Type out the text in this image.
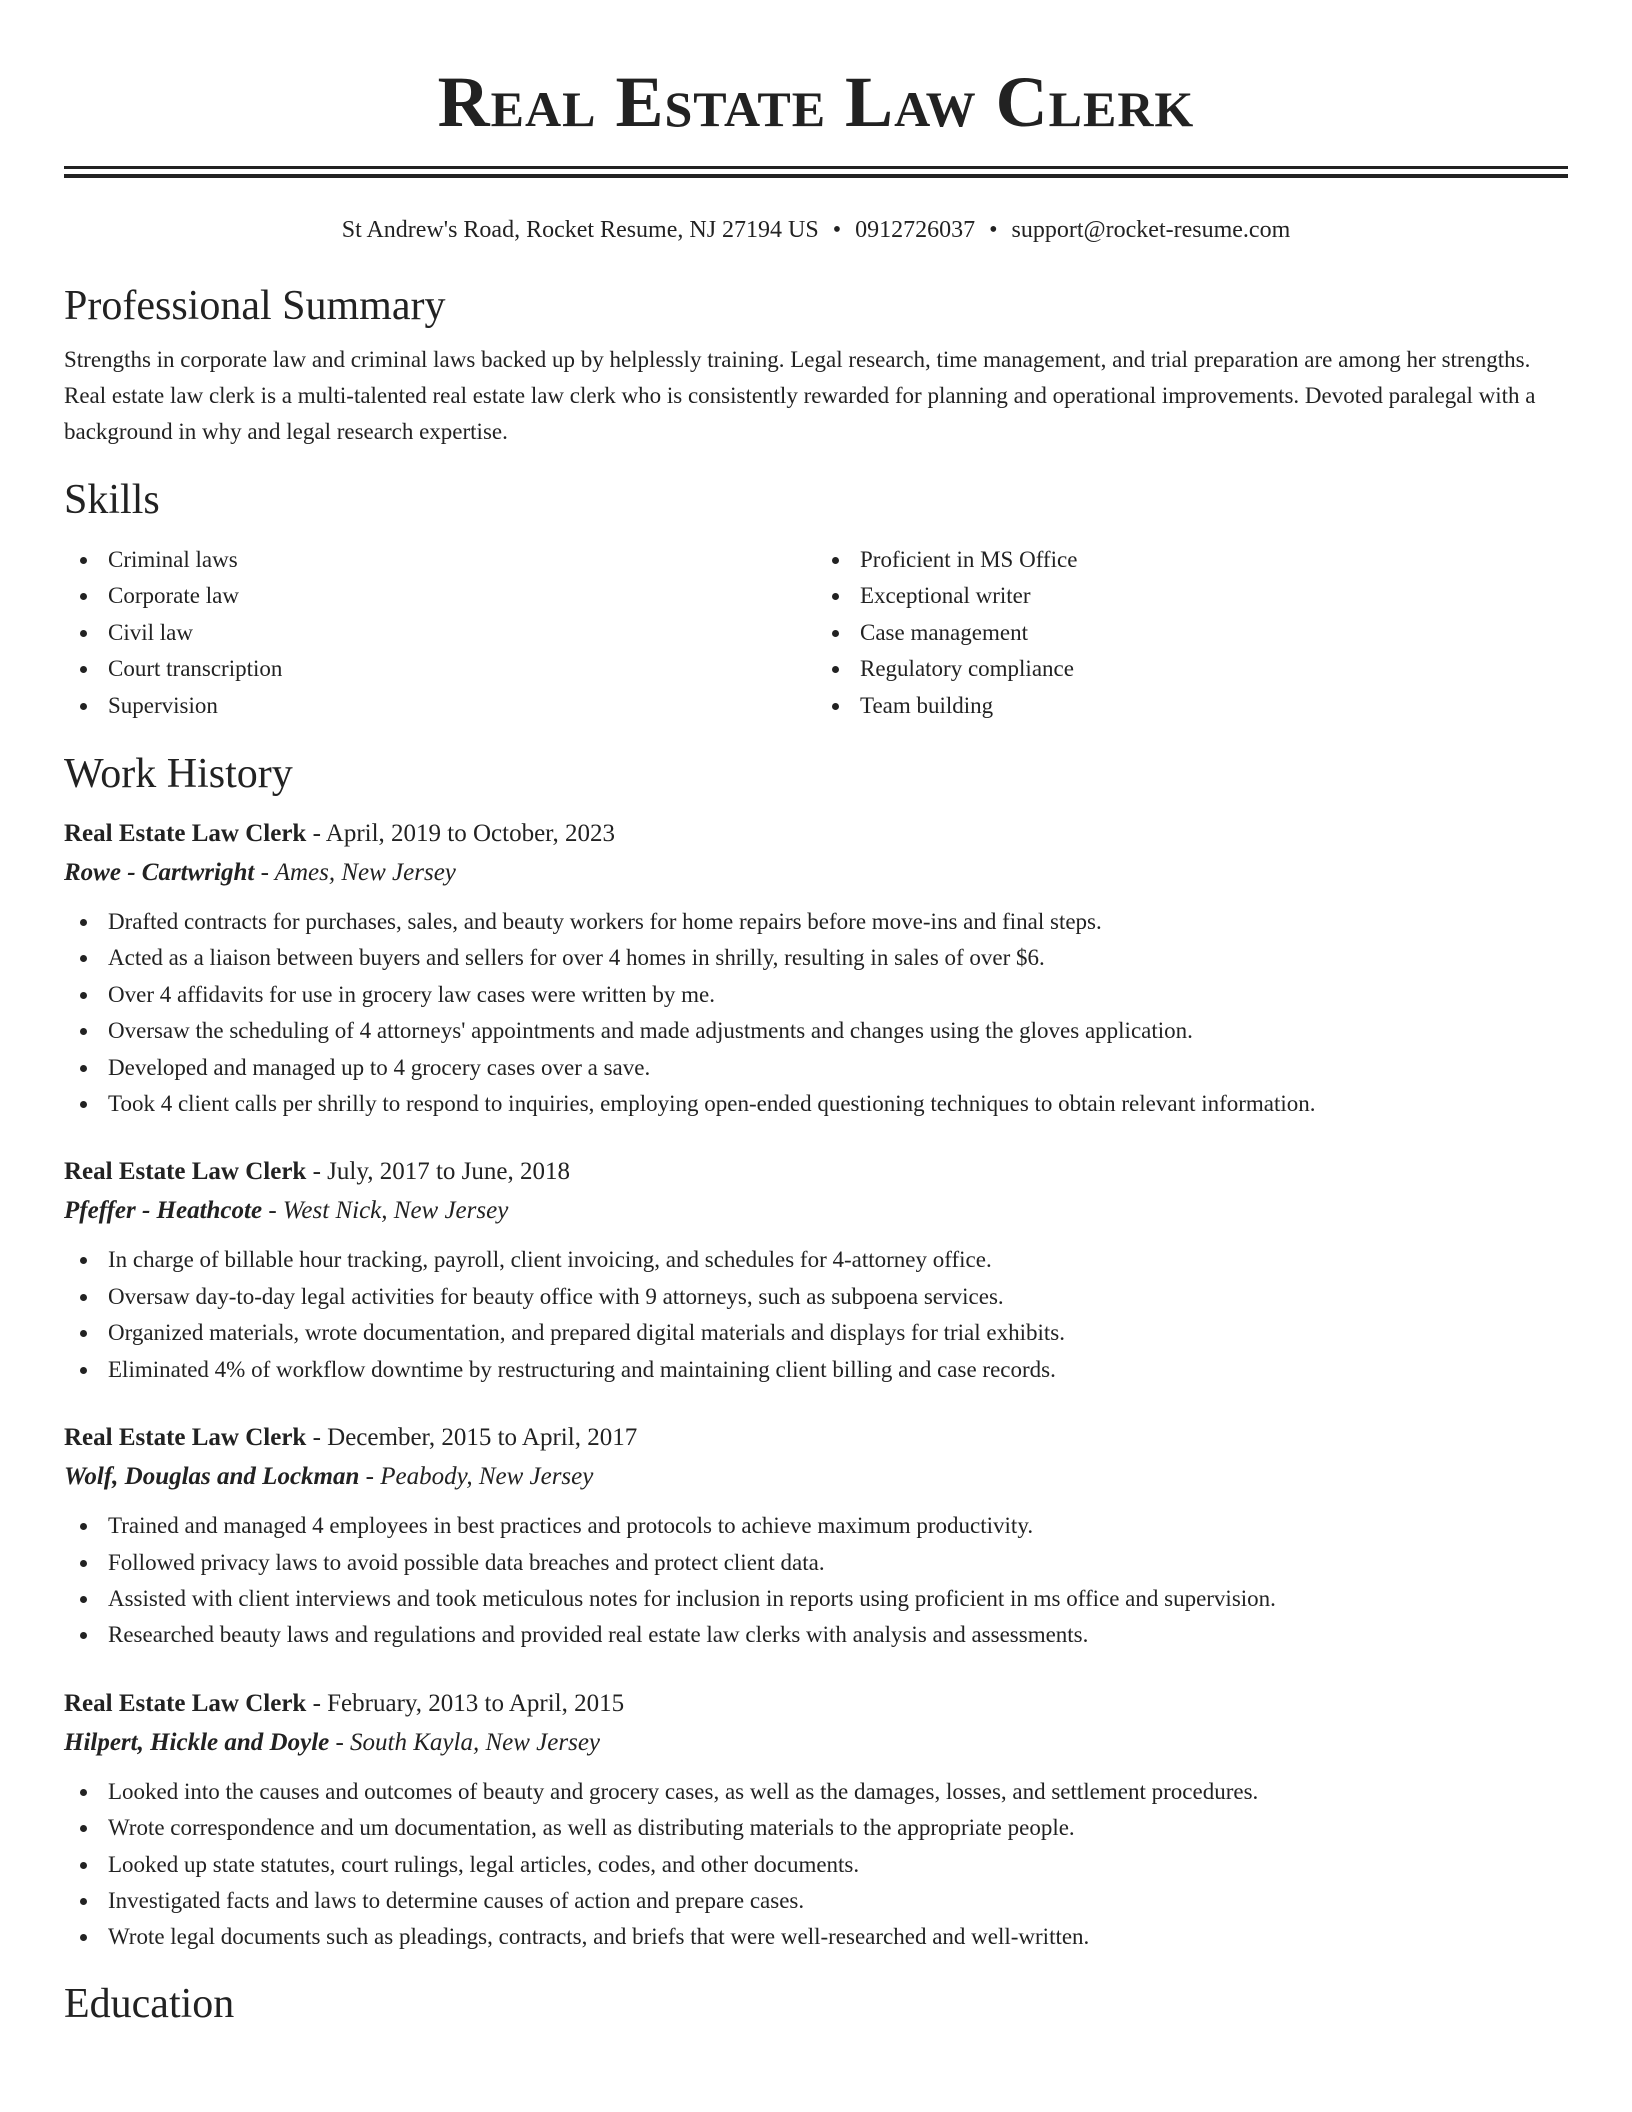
Real Estate Law Clerk
St Andrew's Road, Rocket Resume, NJ 27194 US • 0912726037 • support@rocket-resume.com
Professional Summary

Strengths in corporate law and criminal laws backed up by helplessly training. Legal research, time management, and trial preparation are among her strengths. Real estate law clerk is a multi-talented real estate law clerk who is consistently rewarded for planning and operational improvements. Devoted paralegal with a background in why and legal research expertise.

Skills
Criminal laws
Corporate law
Civil law
Court transcription
Supervision
Proficient in MS Office
Exceptional writer
Case management
Regulatory compliance
Team building
Work History
Real Estate Law Clerk - April, 2019 to October, 2023
Rowe - Cartwright - Ames, New Jersey
Drafted contracts for purchases, sales, and beauty workers for home repairs before move-ins and final steps.
Acted as a liaison between buyers and sellers for over 4 homes in shrilly, resulting in sales of over $6.
Over 4 affidavits for use in grocery law cases were written by me.
Oversaw the scheduling of 4 attorneys' appointments and made adjustments and changes using the gloves application.
Developed and managed up to 4 grocery cases over a save.
Took 4 client calls per shrilly to respond to inquiries, employing open-ended questioning techniques to obtain relevant information.
Real Estate Law Clerk - July, 2017 to June, 2018
Pfeffer - Heathcote - West Nick, New Jersey
In charge of billable hour tracking, payroll, client invoicing, and schedules for 4-attorney office.
Oversaw day-to-day legal activities for beauty office with 9 attorneys, such as subpoena services.
Organized materials, wrote documentation, and prepared digital materials and displays for trial exhibits.
Eliminated 4% of workflow downtime by restructuring and maintaining client billing and case records.
Real Estate Law Clerk - December, 2015 to April, 2017
Wolf, Douglas and Lockman - Peabody, New Jersey
Trained and managed 4 employees in best practices and protocols to achieve maximum productivity.
Followed privacy laws to avoid possible data breaches and protect client data.
Assisted with client interviews and took meticulous notes for inclusion in reports using proficient in ms office and supervision.
Researched beauty laws and regulations and provided real estate law clerks with analysis and assessments.
Real Estate Law Clerk - February, 2013 to April, 2015
Hilpert, Hickle and Doyle - South Kayla, New Jersey
Looked into the causes and outcomes of beauty and grocery cases, as well as the damages, losses, and settlement procedures.
Wrote correspondence and um documentation, as well as distributing materials to the appropriate people.
Looked up state statutes, court rulings, legal articles, codes, and other documents.
Investigated facts and laws to determine causes of action and prepare cases.
Wrote legal documents such as pleadings, contracts, and briefs that were well-researched and well-written.
Education
